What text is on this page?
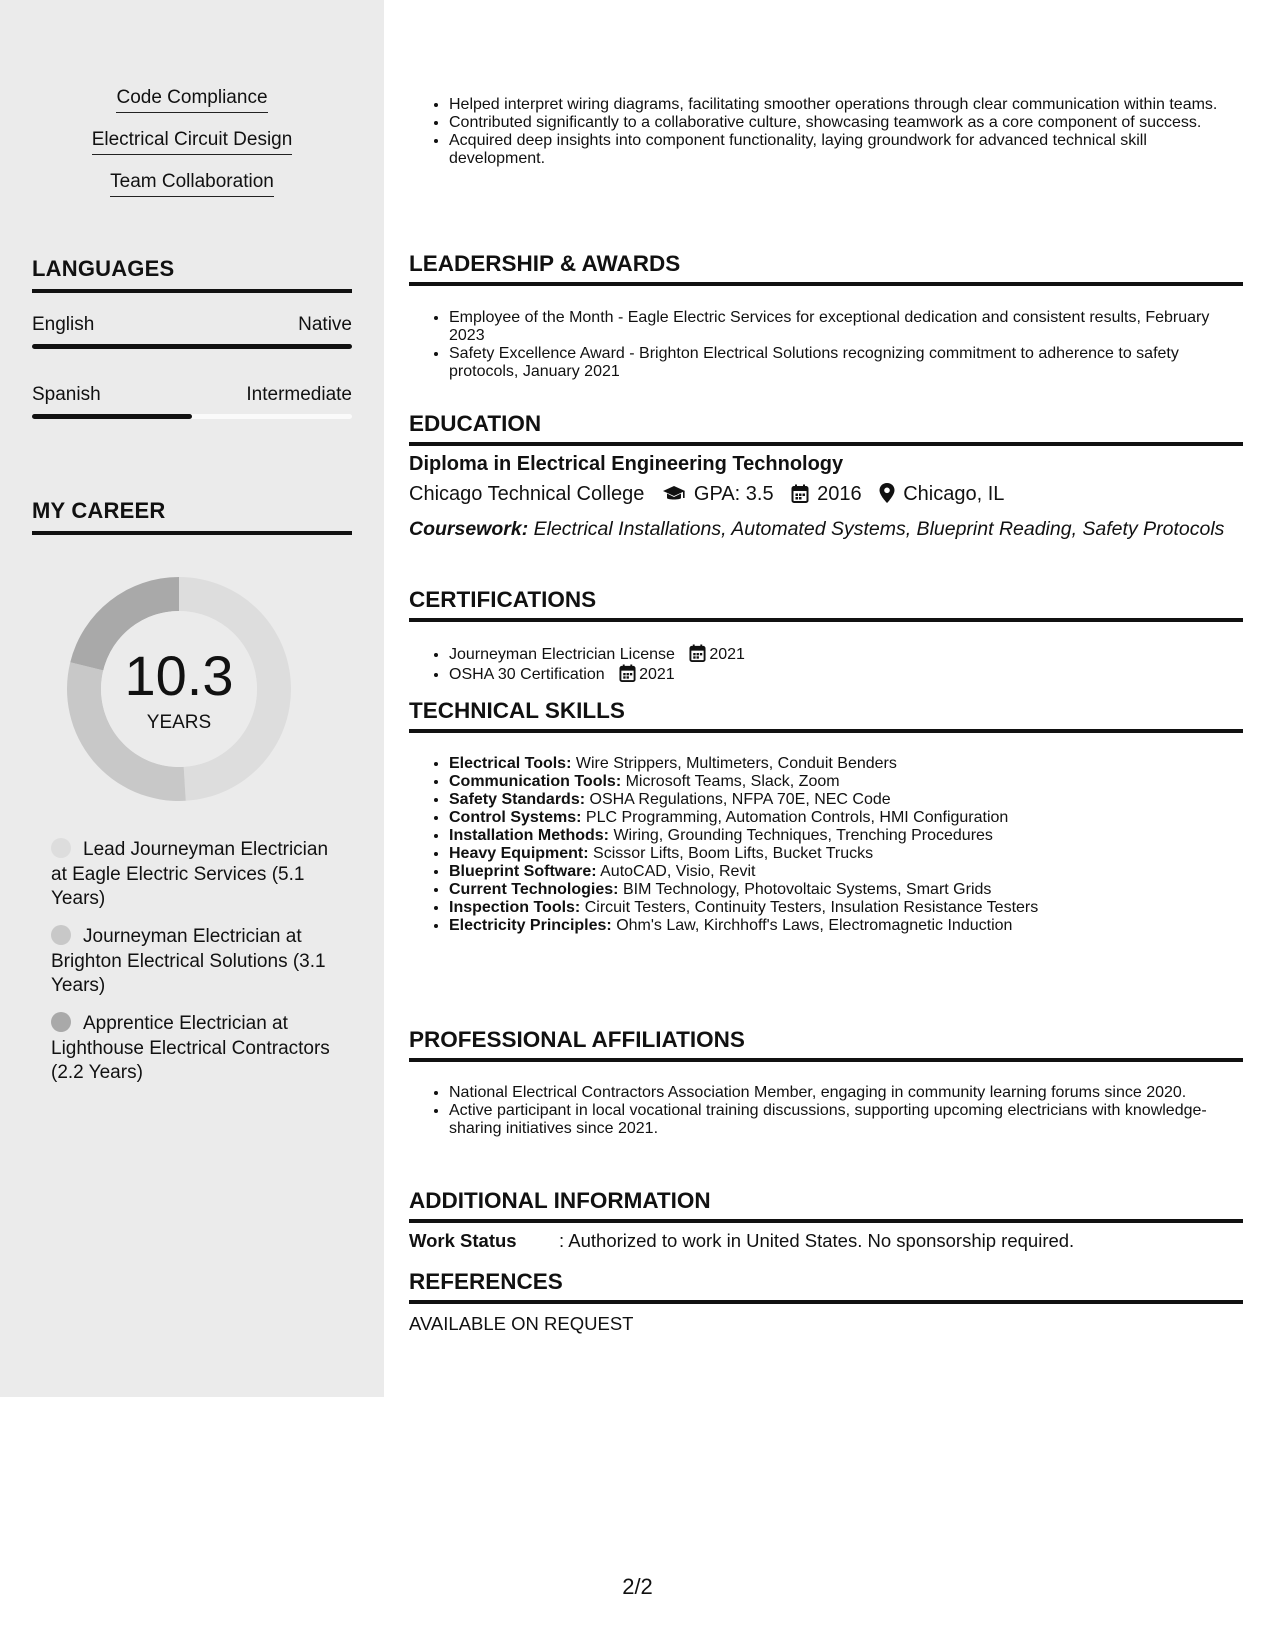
Code Compliance
Electrical Circuit Design
Team Collaboration
LANGUAGES
English	Native
Spanish	Intermediate
MY CAREER
10.3
YEARS
Lead Journeyman Electrician at Eagle Electric Services (5.1 Years)
Journeyman Electrician at Brighton Electrical Solutions (3.1 Years)
Apprentice Electrician at Lighthouse Electrical Contractors (2.2 Years)
• Helped interpret wiring diagrams, facilitating smoother operations through clear communication within teams.
• Contributed significantly to a collaborative culture, showcasing teamwork as a core component of success.
• Acquired deep insights into component functionality, laying groundwork for advanced technical skill development.
LEADERSHIP & AWARDS
• Employee of the Month - Eagle Electric Services for exceptional dedication and consistent results, February 2023
• Safety Excellence Award - Brighton Electrical Solutions recognizing commitment to adherence to safety protocols, January 2021
EDUCATION
Diploma in Electrical Engineering Technology
Chicago Technical College GPA: 3.5 2016 Chicago, IL
Coursework: Electrical Installations, Automated Systems, Blueprint Reading, Safety Protocols
CERTIFICATIONS
• Journeyman Electrician License 2021
• OSHA 30 Certification 2021
TECHNICAL SKILLS
• Electrical Tools: Wire Strippers, Multimeters, Conduit Benders
• Communication Tools: Microsoft Teams, Slack, Zoom
• Safety Standards: OSHA Regulations, NFPA 70E, NEC Code
• Control Systems: PLC Programming, Automation Controls, HMI Configuration
• Installation Methods: Wiring, Grounding Techniques, Trenching Procedures
• Heavy Equipment: Scissor Lifts, Boom Lifts, Bucket Trucks
• Blueprint Software: AutoCAD, Visio, Revit
• Current Technologies: BIM Technology, Photovoltaic Systems, Smart Grids
• Inspection Tools: Circuit Testers, Continuity Testers, Insulation Resistance Testers
• Electricity Principles: Ohm's Law, Kirchhoff's Laws, Electromagnetic Induction
PROFESSIONAL AFFILIATIONS
• National Electrical Contractors Association Member, engaging in community learning forums since 2020.
• Active participant in local vocational training discussions, supporting upcoming electricians with knowledge-sharing initiatives since 2021.
ADDITIONAL INFORMATION
Work Status : Authorized to work in United States. No sponsorship required.
REFERENCES
AVAILABLE ON REQUEST
2/2
